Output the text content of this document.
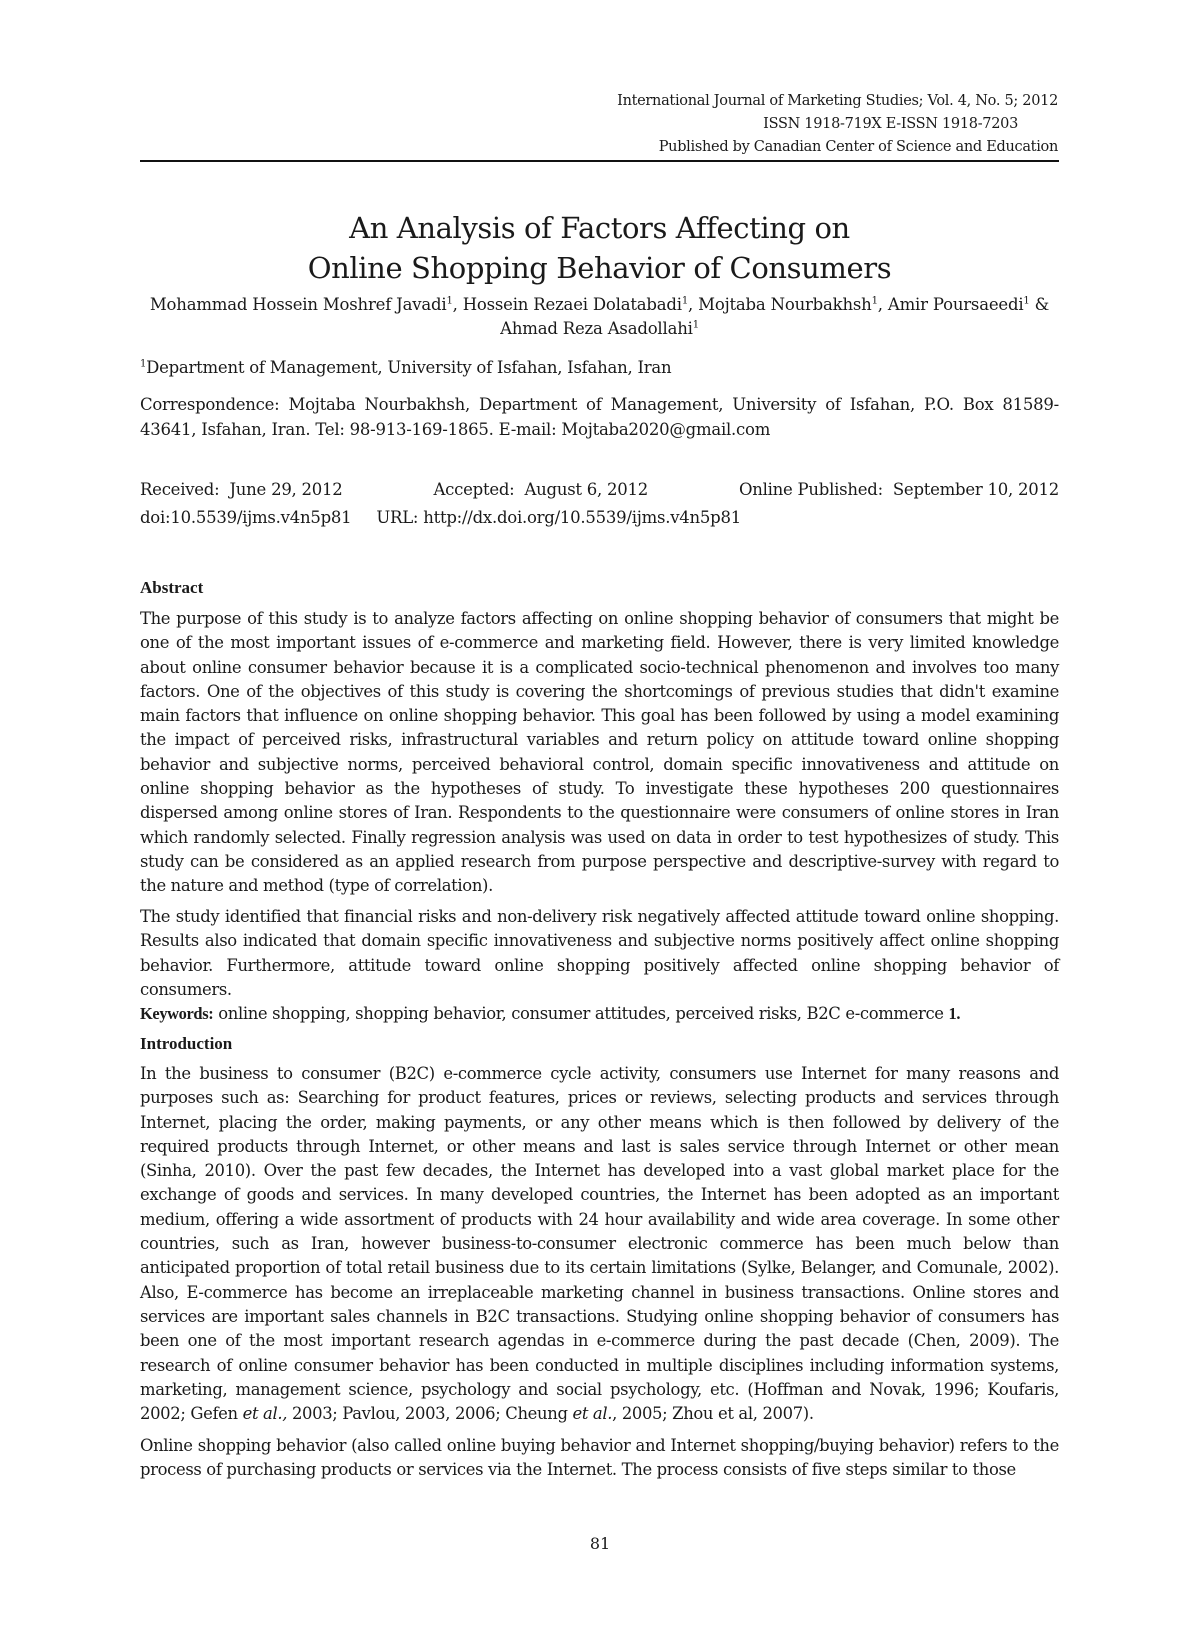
International Journal of Marketing Studies; Vol. 4, No. 5; 2012
ISSN 1918-719X E-ISSN 1918-7203
Published by Canadian Center of Science and Education
An Analysis of Factors Affecting on
Online Shopping Behavior of Consumers
Mohammad Hossein Moshref Javadi$^1$, Hossein Rezaei Dolatabadi$^1$, Mojtaba Nourbakhsh$^1$, Amir Poursaeedi$^1$ &
Ahmad Reza Asadollahi$^1$
$^1$Department of Management, University of Isfahan, Isfahan, Iran
Correspondence: Mojtaba Nourbakhsh, Department of Management, University of Isfahan, P.O. Box 81589-43641, Isfahan, Iran. Tel: 98-913-169-1865. E-mail: Mojtaba2020@gmail.com
Received: June 29, 2012	Accepted: August 6, 2012	Online Published: September 10, 2012
doi:10.5539/ijms.v4n5p81 URL: http://dx.doi.org/10.5539/ijms.v4n5p81
Abstract
The purpose of this study is to analyze factors affecting on online shopping behavior of consumers that might be one of the most important issues of e-commerce and marketing field. However, there is very limited knowledge about online consumer behavior because it is a complicated socio-technical phenomenon and involves too many factors. One of the objectives of this study is covering the shortcomings of previous studies that didn't examine main factors that influence on online shopping behavior. This goal has been followed by using a model examining the impact of perceived risks, infrastructural variables and return policy on attitude toward online shopping behavior and subjective norms, perceived behavioral control, domain specific innovativeness and attitude on online shopping behavior as the hypotheses of study. To investigate these hypotheses 200 questionnaires dispersed among online stores of Iran. Respondents to the questionnaire were consumers of online stores in Iran which randomly selected. Finally regression analysis was used on data in order to test hypothesizes of study. This study can be considered as an applied research from purpose perspective and descriptive-survey with regard to the nature and method (type of correlation).
The study identified that financial risks and non-delivery risk negatively affected attitude toward online shopping. Results also indicated that domain specific innovativeness and subjective norms positively affect online shopping behavior. Furthermore, attitude toward online shopping positively affected online shopping behavior of consumers.
Keywords: online shopping, shopping behavior, consumer attitudes, perceived risks, B2C e-commerce 1.
Introduction
In the business to consumer (B2C) e-commerce cycle activity, consumers use Internet for many reasons and purposes such as: Searching for product features, prices or reviews, selecting products and services through Internet, placing the order, making payments, or any other means which is then followed by delivery of the required products through Internet, or other means and last is sales service through Internet or other mean (Sinha, 2010). Over the past few decades, the Internet has developed into a vast global market place for the exchange of goods and services. In many developed countries, the Internet has been adopted as an important medium, offering a wide assortment of products with 24 hour availability and wide area coverage. In some other countries, such as Iran, however business-to-consumer electronic commerce has been much below than anticipated proportion of total retail business due to its certain limitations (Sylke, Belanger, and Comunale, 2002). Also, E-commerce has become an irreplaceable marketing channel in business transactions. Online stores and services are important sales channels in B2C transactions. Studying online shopping behavior of consumers has been one of the most important research agendas in e-commerce during the past decade (Chen, 2009). The research of online consumer behavior has been conducted in multiple disciplines including information systems, marketing, management science, psychology and social psychology, etc. (Hoffman and Novak, 1996; Koufaris, 2002; Gefen et al., 2003; Pavlou, 2003, 2006; Cheung et al., 2005; Zhou et al, 2007).
Online shopping behavior (also called online buying behavior and Internet shopping/buying behavior) refers to the process of purchasing products or services via the Internet. The process consists of five steps similar to those
81
